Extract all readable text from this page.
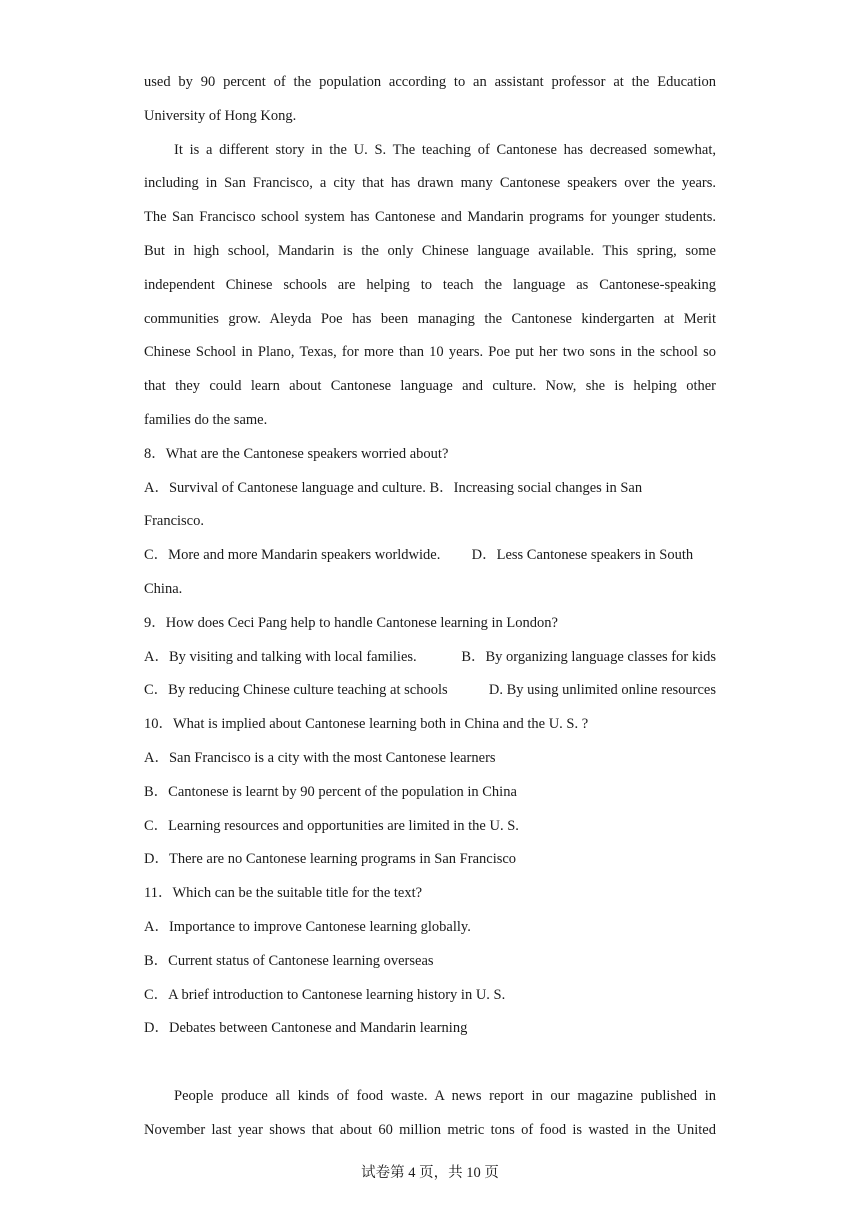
used by 90 percent of the population according to an assistant professor at the Education
University of Hong Kong.
It is a different story in the U. S. The teaching of Cantonese has decreased somewhat,
including in San Francisco, a city that has drawn many Cantonese speakers over the years.
The San Francisco school system has Cantonese and Mandarin programs for younger students.
But in high school, Mandarin is the only Chinese language available. This spring, some
independent Chinese schools are helping to teach the language as Cantonese-speaking
communities grow. Aleyda Poe has been managing the Cantonese kindergarten at Merit
Chinese School in Plano, Texas, for more than 10 years. Poe put her two sons in the school so
that they could learn about Cantonese language and culture. Now, she is helping other
families do the same.
8．What are the Cantonese speakers worried about?
A．Survival of Cantonese language and culture. B．Increasing social changes in San
Francisco.
C．More and more Mandarin speakers worldwide. D．Less Cantonese speakers in South
China.
9．How does Ceci Pang help to handle Cantonese learning in London?
A．By visiting and talking with local families.	B．By organizing language classes for kids
C．By reducing Chinese culture teaching at schools	D. By using unlimited online resources
10．What is implied about Cantonese learning both in China and the U. S. ?
A．San Francisco is a city with the most Cantonese learners
B．Cantonese is learnt by 90 percent of the population in China
C．Learning resources and opportunities are limited in the U. S.
D．There are no Cantonese learning programs in San Francisco
11．Which can be the suitable title for the text?
A．Importance to improve Cantonese learning globally.
B．Current status of Cantonese learning overseas
C．A brief introduction to Cantonese learning history in U. S.
D．Debates between Cantonese and Mandarin learning
People produce all kinds of food waste. A news report in our magazine published in
November last year shows that about 60 million metric tons of food is wasted in the United
试卷第 4 页，共 10 页
